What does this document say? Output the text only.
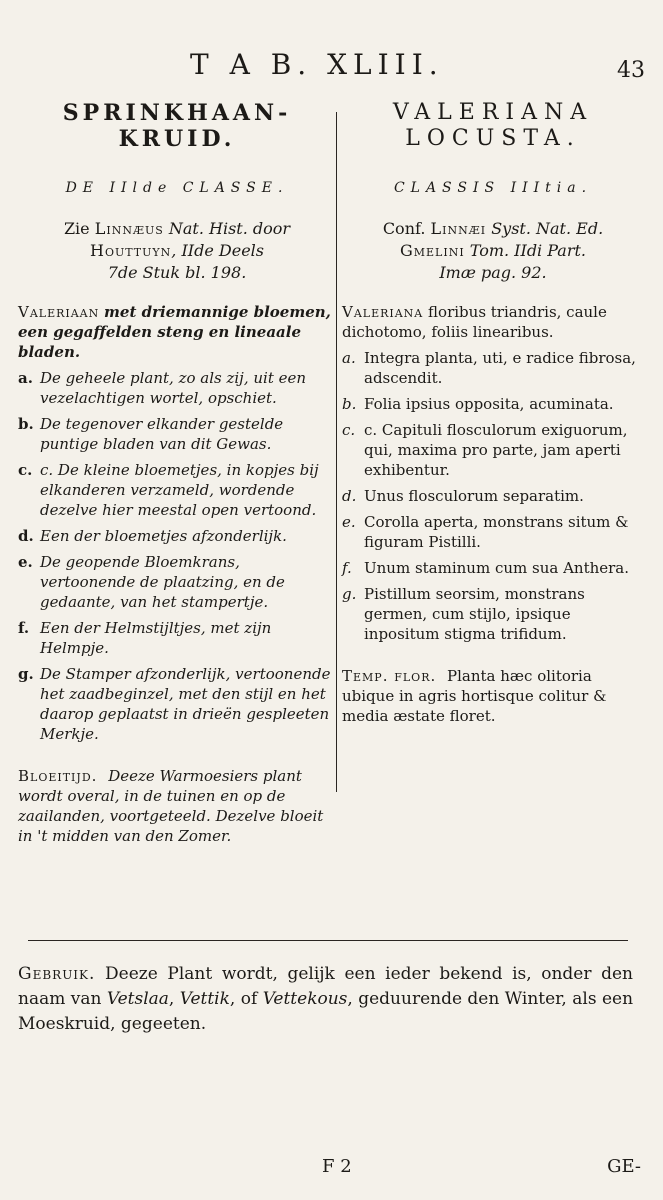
T A B. XLIII.	43
SPRINKHAAN-
KRUID.
DE IIlde CLASSE.
Zie Linnæus Nat. Hist. door
Houttuyn, IIde Deels
7de Stuk bl. 198.
Valeriaan met driemannige bloemen, een gegaffelden steng en lineaale bladen.
a. De geheele plant, zo als zij, uit een vezelachtigen wortel, opschiet.
b. De tegenover elkander gestelde puntige bladen van dit Gewas.
c. c. De kleine bloemetjes, in kopjes bij elkanderen verzameld, wordende dezelve hier meestal open vertoond.
d. Een der bloemetjes afzonderlijk.
e. De geopende Bloemkrans, vertoonende de plaatzing, en de gedaante, van het stampertje.
f. Een der Helmstijltjes, met zijn Helmpje.
g. De Stamper afzonderlijk, vertoonende het zaadbeginzel, met den stijl en het daarop geplaatst in drieën gespleeten Merkje.
Bloeitijd. Deeze Warmoesiers plant wordt overal, in de tuinen en op de zaailanden, voortgeteeld. Dezelve bloeit in 't midden van den Zomer.
VALERIANA
LOCUSTA.
CLASSIS IIItia.
Conf. Linnæi Syst. Nat. Ed.
Gmelini Tom. IIdi Part.
Imæ pag. 92.
Valeriana floribus triandris, caule dichotomo, foliis linearibus.
a. Integra planta, uti, e radice fibrosa, adscendit.
b. Folia ipsius opposita, acuminata.
c. c. Capituli flosculorum exiguorum, qui, maxima pro parte, jam aperti exhibentur.
d. Unus flosculorum separatim.
e. Corolla aperta, monstrans situm & figuram Pistilli.
f. Unum staminum cum sua Anthera.
g. Pistillum seorsim, monstrans germen, cum stijlo, ipsique inpositum stigma trifidum.
Temp. flor. Planta hæc olitoria ubique in agris hortisque colitur & media æstate floret.
Gebruik. Deeze Plant wordt, gelijk een ieder bekend is, onder den naam van Vetslaa, Vettik, of Vettekous, geduurende den Winter, als een Moeskruid, gegeeten.
F 2	GE-
